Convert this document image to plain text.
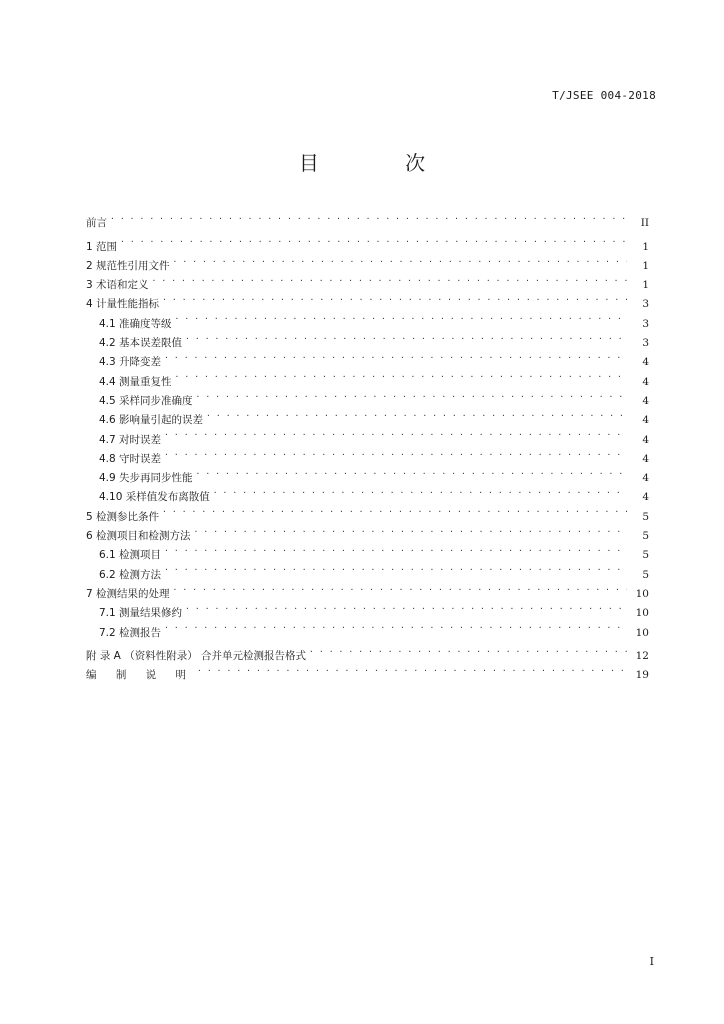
T/JSEE 004-2018
目 次
前言 . . .	II
1 范围 . . .	1
2 规范性引用文件 . . .	1
3 术语和定义 . . .	1
4 计量性能指标 . . .	3
4.1 准确度等级 . . .	3
4.2 基本误差限值 . . .	3
4.3 升降变差 . . .	4
4.4 测量重复性 . . .	4
4.5 采样同步准确度 . . .	4
4.6 影响量引起的误差 . . .	4
4.7 对时误差 . . .	4
4.8 守时误差 . . .	4
4.9 失步再同步性能 . . .	4
4.10 采样值发布离散值 . . .	4
5 检测参比条件 . . .	5
6 检测项目和检测方法 . . .	5
6.1 检测项目 . . .	5
6.2 检测方法 . . .	5
7 检测结果的处理 . . .	10
7.1 测量结果修约 . . .	10
7.2 检测报告 . . .	10
附 录 A （资料性附录） 合并单元检测报告格式 . . .	12
编 制 说 明 . . .	19
I
